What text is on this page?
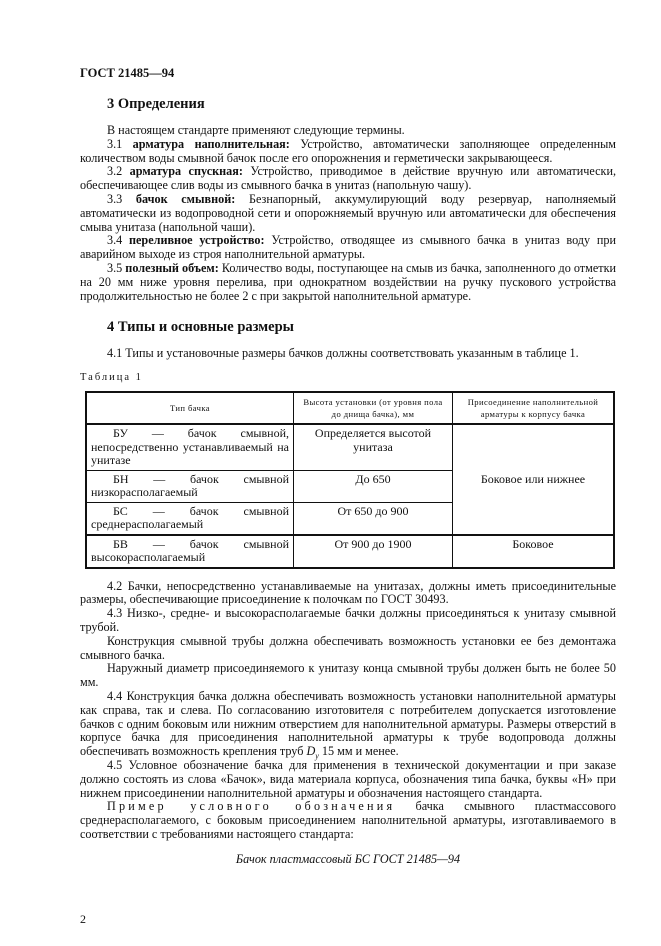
ГОСТ 21485—94
3 Определения

В настоящем стандарте применяют следующие термины.

3.1 арматура наполнительная: Устройство, автоматически заполняющее определенным количеством воды смывной бачок после его опорожнения и герметически закрывающееся.

3.2 арматура спускная: Устройство, приводимое в действие вручную или автоматически, обеспечивающее слив воды из смывного бачка в унитаз (напольную чашу).

3.3 бачок смывной: Безнапорный, аккумулирующий воду резервуар, наполняемый автоматически из водопроводной сети и опорожняемый вручную или автоматически для обеспечения смыва унитаза (напольной чаши).

3.4 переливное устройство: Устройство, отводящее из смывного бачка в унитаз воду при аварийном выходе из строя наполнительной арматуры.

3.5 полезный объем: Количество воды, поступающее на смыв из бачка, заполненного до отметки на 20 мм ниже уровня перелива, при однократном воздействии на ручку пускового устройства продолжительностью не более 2 с при закрытой наполнительной арматуре.

4 Типы и основные размеры

4.1 Типы и установочные размеры бачков должны соответствовать указанным в таблице 1.

Таблица 1
Тип бачка	Высота установки (от уровня пола до днища бачка), мм	Присоединение наполнительной арматуры к корпусу бачка
БУ — бачок смывной, непосредственно устанавливаемый на унитазе	Определяется высотой унитаза	Боковое или нижнее
БН — бачок смывной низкорасполагаемый	До 650	
БС — бачок смывной среднерасполагаемый	От 650 до 900	
БВ — бачок смывной высокорасполагаемый	От 900 до 1900	Боковое

4.2 Бачки, непосредственно устанавливаемые на унитазах, должны иметь присоединительные размеры, обеспечивающие присоединение к полочкам по ГОСТ 30493.

4.3 Низко-, средне- и высокорасполагаемые бачки должны присоединяться к унитазу смывной трубой.

Конструкция смывной трубы должна обеспечивать возможность установки ее без демонтажа смывного бачка.

Наружный диаметр присоединяемого к унитазу конца смывной трубы должен быть не более 50 мм.

4.4 Конструкция бачка должна обеспечивать возможность установки наполнительной арматуры как справа, так и слева. По согласованию изготовителя с потребителем допускается изготовление бачков с одним боковым или нижним отверстием для наполнительной арматуры. Размеры отверстий в корпусе бачка для присоединения наполнительной арматуры к трубе водопровода должны обеспечивать возможность крепления труб $D_y$ 15 мм и менее.

4.5 Условное обозначение бачка для применения в технической документации и при заказе должно состоять из слова «Бачок», вида материала корпуса, обозначения типа бачка, буквы «Н» при нижнем присоединении наполнительной арматуры и обозначения настоящего стандарта.

Пример условного обозначения бачка смывного пластмассового среднерасполагаемого, с боковым присоединением наполнительной арматуры, изготавливаемого в соответствии с требованиями настоящего стандарта:

Бачок пластмассовый БС ГОСТ 21485—94
2
